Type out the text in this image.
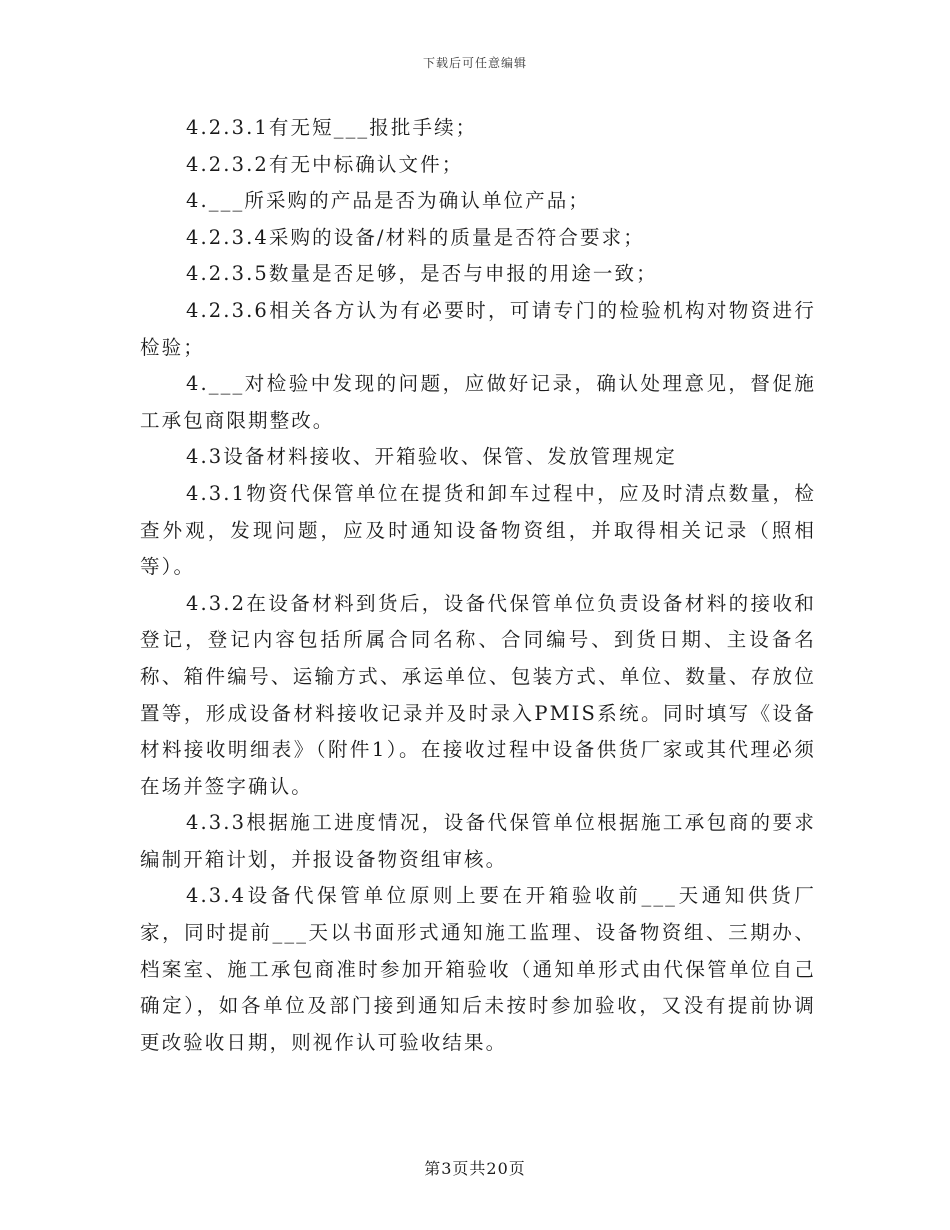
下载后可任意编辑

4.2.3.1有无短___报批手续；

4.2.3.2有无中标确认文件；

4.___所采购的产品是否为确认单位产品；

4.2.3.4采购的设备/材料的质量是否符合要求；

4.2.3.5数量是否足够，是否与申报的用途一致；

4.2.3.6相关各方认为有必要时，可请专门的检验机构对物资进行检验；

4.___对检验中发现的问题，应做好记录，确认处理意见，督促施工承包商限期整改。

4.3设备材料接收、开箱验收、保管、发放管理规定

4.3.1物资代保管单位在提货和卸车过程中，应及时清点数量，检查外观，发现问题，应及时通知设备物资组，并取得相关记录（照相等）。

4.3.2在设备材料到货后，设备代保管单位负责设备材料的接收和登记，登记内容包括所属合同名称、合同编号、到货日期、主设备名称、箱件编号、运输方式、承运单位、包装方式、单位、数量、存放位置等，形成设备材料接收记录并及时录入PMIS系统。同时填写《设备材料接收明细表》（附件1）。在接收过程中设备供货厂家或其代理必须在场并签字确认。

4.3.3根据施工进度情况，设备代保管单位根据施工承包商的要求编制开箱计划，并报设备物资组审核。

4.3.4设备代保管单位原则上要在开箱验收前___天通知供货厂家，同时提前___天以书面形式通知施工监理、设备物资组、三期办、档案室、施工承包商准时参加开箱验收（通知单形式由代保管单位自己确定），如各单位及部门接到通知后未按时参加验收，又没有提前协调更改验收日期，则视作认可验收结果。

第3页共20页
